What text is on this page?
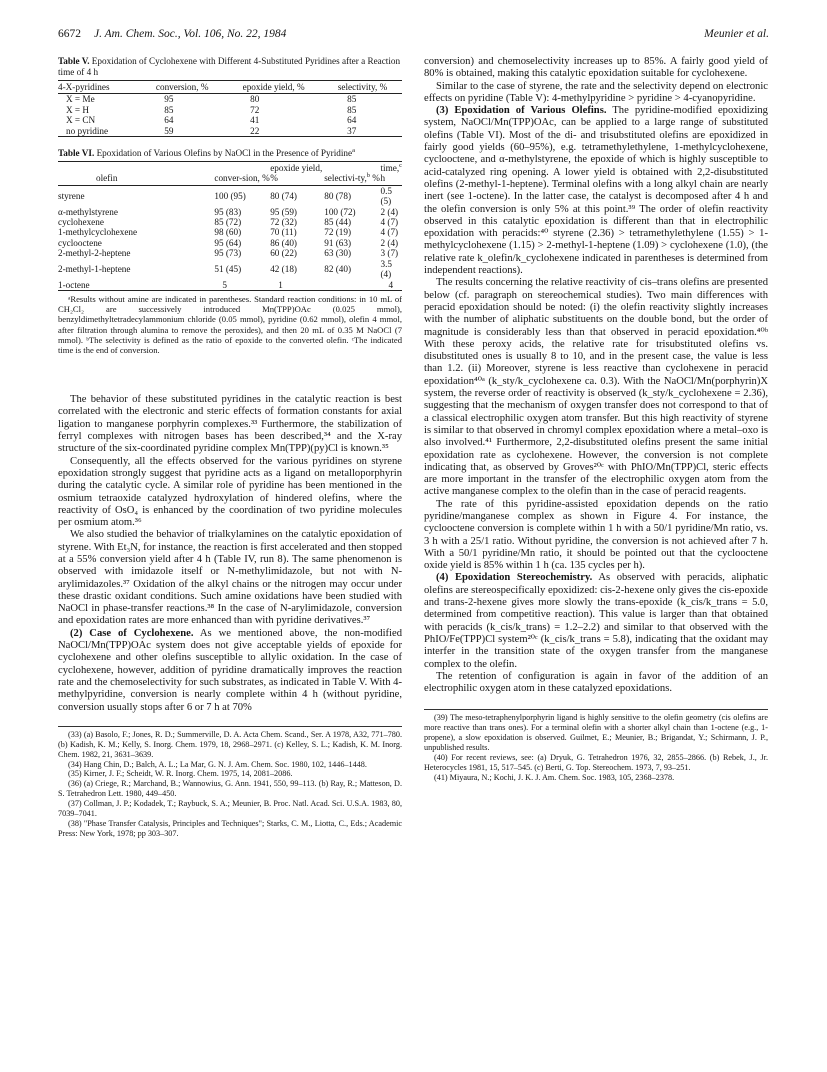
6672 J. Am. Chem. Soc., Vol. 106, No. 22, 1984	Meunier et al.
Table V. Epoxidation of Cyclohexene with Different 4-Substituted Pyridines after a Reaction time of 4 h
4-X-pyridines	conversion, %	epoxide yield, %	selectivity, %
X = Me	95	80	85
X = H	85	72	85
X = CN	64	41	64
no pyridine	59	22	37
Table VI. Epoxidation of Various Olefins by NaOCl in the Presence of Pyridine$^a$
olefin	conver-sion, %	epoxide yield, %	selectivi-ty,$^b$ %	time,$^c$ h
styrene	100 (95)	80 (74)	80 (78)	0.5 (5)
α-methylstyrene	95 (83)	95 (59)	100 (72)	2 (4)
cyclohexene	85 (72)	72 (32)	85 (44)	4 (7)
1-methylcyclohexene	98 (60)	70 (11)	72 (19)	4 (7)
cyclooctene	95 (64)	86 (40)	91 (63)	2 (4)
2-methyl-2-heptene	95 (73)	60 (22)	63 (30)	3 (7)
2-methyl-1-heptene	51 (45)	42 (18)	82 (40)	3.5 (4)
1-octene	5	1		4
ᵃResults without amine are indicated in parentheses. Standard reaction conditions: in 10 mL of CH₂Cl₂ are successively introduced Mn(TPP)OAc (0.025 mmol), benzyldimethyltetradecylammonium chloride (0.05 mmol), pyridine (0.62 mmol), olefin 4 mmol, after filtration through alumina to remove the peroxides), and then 20 mL of 0.35 M NaOCl (7 mmol). ᵇThe selectivity is defined as the ratio of epoxide to the converted olefin. ᶜThe indicated time is the end of conversion.

The behavior of these substituted pyridines in the catalytic reaction is best correlated with the electronic and steric effects of formation constants for axial ligation to manganese porphyrin complexes.³³ Furthermore, the stabilization of ferryl complexes with nitrogen bases has been described,³⁴ and the X-ray structure of the six-coordinated pyridine complex Mn(TPP)(py)Cl is known.³⁵

Consequently, all the effects observed for the various pyridines on styrene epoxidation strongly suggest that pyridine acts as a ligand on metalloporphyrin during the catalytic cycle. A similar role of pyridine has been mentioned in the osmium tetraoxide catalyzed hydroxylation of hindered olefins, where the reactivity of OsO₄ is enhanced by the coordination of two pyridine molecules per osmium atom.³⁶

We also studied the behavior of trialkylamines on the catalytic epoxidation of styrene. With Et₃N, for instance, the reaction is first accelerated and then stopped at a 55% conversion yield after 4 h (Table IV, run 8). The same phenomenon is observed with imidazole itself or N-methylimidazole, but not with N-arylimidazoles.³⁷ Oxidation of the alkyl chains or the nitrogen may occur under these drastic oxidant conditions. Such amine oxidations have been studied with NaOCl in phase-transfer reactions.³⁸ In the case of N-arylimidazole, conversion and epoxidation rates are more enhanced than with pyridine derivatives.³⁷

(2) Case of Cyclohexene. As we mentioned above, the non-modified NaOCl/Mn(TPP)OAc system does not give acceptable yields of epoxide for cyclohexene and other olefins susceptible to allylic oxidation. In the case of cyclohexene, however, addition of pyridine dramatically improves the reaction rate and the chemoselectivity for such substrates, as indicated in Table V. With 4-methylpyridine, conversion is nearly complete within 4 h (without pyridine, conversion usually stops after 6 or 7 h at 70%

(33) (a) Basolo, F.; Jones, R. D.; Summerville, D. A. Acta Chem. Scand., Ser. A 1978, A32, 771–780. (b) Kadish, K. M.; Kelly, S. Inorg. Chem. 1979, 18, 2968–2971. (c) Kelley, S. L.; Kadish, K. M. Inorg. Chem. 1982, 21, 3631–3639.

(34) Hang Chin, D.; Balch, A. L.; La Mar, G. N. J. Am. Chem. Soc. 1980, 102, 1446–1448.

(35) Kirner, J. F.; Scheidt, W. R. Inorg. Chem. 1975, 14, 2081–2086.

(36) (a) Criege, R.; Marchand, B.; Wannowius, G. Ann. 1941, 550, 99–113. (b) Ray, R.; Matteson, D. S. Tetrahedron Lett. 1980, 449–450.

(37) Collman, J. P.; Kodadek, T.; Raybuck, S. A.; Meunier, B. Proc. Natl. Acad. Sci. U.S.A. 1983, 80, 7039–7041.

(38) "Phase Transfer Catalysis, Principles and Techniques"; Starks, C. M., Liotta, C., Eds.; Academic Press: New York, 1978; pp 303–307.

conversion) and chemoselectivity increases up to 85%. A fairly good yield of 80% is obtained, making this catalytic epoxidation suitable for cyclohexene.

Similar to the case of styrene, the rate and the selectivity depend on electronic effects on pyridine (Table V): 4-methylpyridine > pyridine > 4-cyanopyridine.

(3) Epoxidation of Various Olefins. The pyridine-modified epoxidizing system, NaOCl/Mn(TPP)OAc, can be applied to a large range of substituted olefins (Table VI). Most of the di- and trisubstituted olefins are epoxidized in fairly good yields (60–95%), e.g. tetramethylethylene, 1-methylcyclohexene, cyclooctene, and α-methylstyrene, the epoxide of which is highly susceptible to acid-catalyzed ring opening. A lower yield is obtained with 2,2-disubstituted olefins (2-methyl-1-heptene). Terminal olefins with a long alkyl chain are nearly inert (see 1-octene). In the latter case, the catalyst is decomposed after 4 h and the olefin conversion is only 5% at this point.³⁹ The order of olefin reactivity observed in this catalytic epoxidation is different than that in electrophilic epoxidation with peracids:⁴⁰ styrene (2.36) > tetramethylethylene (1.55) > 1-methylcyclohexene (1.15) > 2-methyl-1-heptene (1.09) > cyclohexene (1.0), (the relative rate k_olefin/k_cyclohexene indicated in parentheses is determined from independent reactions).

The results concerning the relative reactivity of cis–trans olefins are presented below (cf. paragraph on stereochemical studies). Two main differences with peracid epoxidation should be noted: (i) the olefin reactivity slightly increases with the number of aliphatic substituents on the double bond, but the order of magnitude is considerably less than that observed in peracid epoxidation.⁴⁰ᵇ With these peroxy acids, the relative rate for trisubstituted olefins vs. disubstituted ones is usually 8 to 10, and in the present case, the value is less than 1.2. (ii) Moreover, styrene is less reactive than cyclohexene in peracid epoxidation⁴⁰ᵃ (k_sty/k_cyclohexene ca. 0.3). With the NaOCl/Mn(porphyrin)X system, the reverse order of reactivity is observed (k_sty/k_cyclohexene = 2.36), suggesting that the mechanism of oxygen transfer does not correspond to that of a classical electrophilic oxygen atom transfer. But this high reactivity of styrene is similar to that observed in chromyl complex epoxidation where a metal–oxo is also involved.⁴¹ Furthermore, 2,2-disubstituted olefins present the same initial epoxidation rate as cyclohexene. However, the conversion is not complete indicating that, as observed by Groves²⁰ᶜ with PhIO/Mn(TPP)Cl, steric effects are more important in the transfer of the electrophilic oxygen atom from the active manganese complex to the olefin than in the case of peracid reagents.

The rate of this pyridine-assisted epoxidation depends on the ratio pyridine/manganese complex as shown in Figure 4. For instance, the cyclooctene conversion is complete within 1 h with a 50/1 pyridine/Mn ratio, vs. 3 h with a 25/1 ratio. Without pyridine, the conversion is not achieved after 7 h. With a 50/1 pyridine/Mn ratio, it should be pointed out that the cyclooctene oxide yield is 85% within 1 h (ca. 135 cycles per h).

(4) Epoxidation Stereochemistry. As observed with peracids, aliphatic olefins are stereospecifically epoxidized: cis-2-hexene only gives the cis-epoxide and trans-2-hexene gives more slowly the trans-epoxide (k_cis/k_trans = 5.0, determined from competitive reaction). This value is larger than that obtained with peracids (k_cis/k_trans) = 1.2–2.2) and similar to that observed with the PhIO/Fe(TPP)Cl system²⁰ᶜ (k_cis/k_trans = 5.8), indicating that the oxidant may interfer in the transition state of the oxygen transfer from the manganese complex to the olefin.

The retention of configuration is again in favor of the addition of an electrophilic oxygen atom in these catalyzed epoxidations.

(39) The meso-tetraphenylporphyrin ligand is highly sensitive to the olefin geometry (cis olefins are more reactive than trans ones). For a terminal olefin with a shorter alkyl chain than 1-octene (e.g., 1-propene), a slow epoxidation is observed. Guilmet, E.; Meunier, B.; Brigandat, Y.; Schirmann, J. P., unpublished results.

(40) For recent reviews, see: (a) Dryuk, G. Tetrahedron 1976, 32, 2855–2866. (b) Rebek, J., Jr. Heterocycles 1981, 15, 517–545. (c) Berti, G. Top. Stereochem. 1973, 7, 93–251.

(41) Miyaura, N.; Kochi, J. K. J. Am. Chem. Soc. 1983, 105, 2368–2378.
